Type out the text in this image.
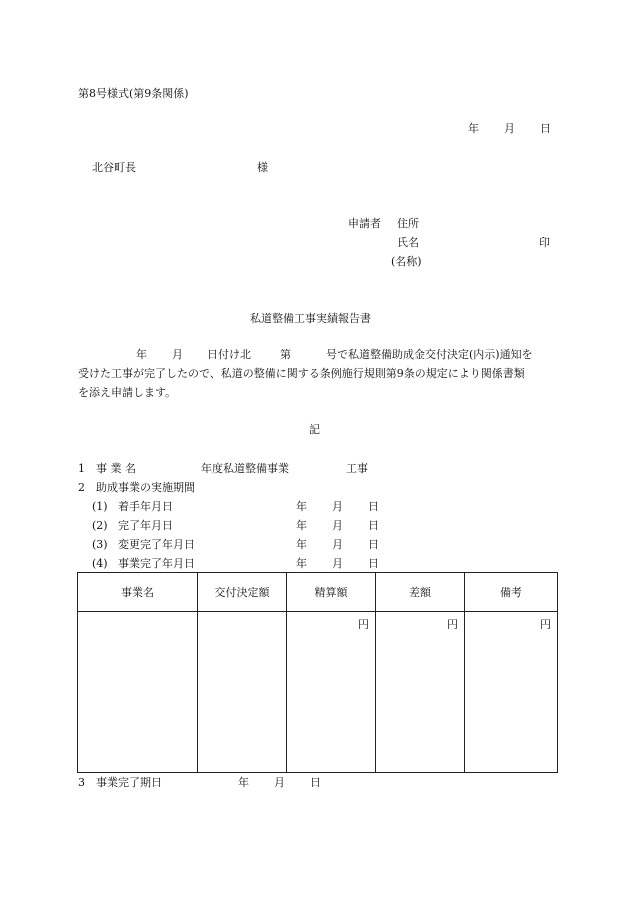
第8号様式(第9条関係)
年 月 日
北谷町長	様
申請者 住所
氏名	印
(名称)
私道整備工事実績報告書
年 月 日付け北	第	号で私道整備助成金交付決定(内示)通知を
受けた工事が完了したので、私道の整備に関する条例施行規則第9条の規定により関係書類
を添え申請します。
記
1 事 業 名	年度私道整備事業	工事
2 助成事業の実施期間
(1) 着手年月日	年 月 日
(2) 完了年月日	年 月 日
(3) 変更完了年月日	年 月 日
(4) 事業完了年月日	年 月 日
事業名	交付決定額	精算額	差額	備考

		円	円	円
3 事業完了期日	年 月 日
